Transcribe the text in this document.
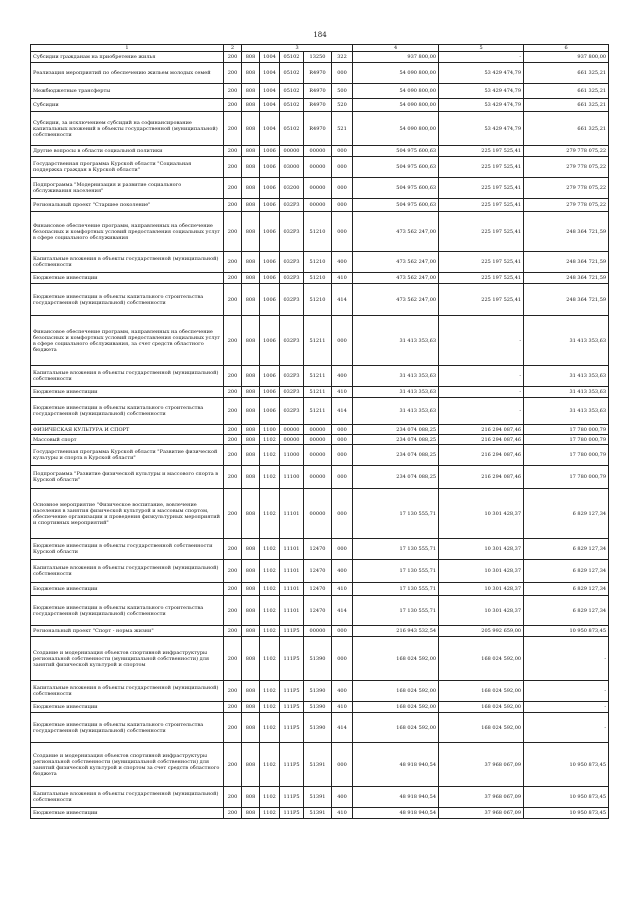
184
1	2	3					4	5	6
Субсидии гражданам на приобретение жилья	200	808	1004	05102	13250	322	937 800,00	-	937 800,00
Реализация мероприятий по обеспечению жильем молодых семей	200	808	1004	05102	R4970	000	54 090 800,00	53 429 474,79	661 325,21
Межбюджетные трансферты	200	808	1004	05102	R4970	500	54 090 800,00	53 429 474,79	661 325,21
Субсидии	200	808	1004	05102	R4970	520	54 090 800,00	53 429 474,79	661 325,21
Субсидии, за исключением субсидий на софинансирование капитальных вложений в объекты государственной (муниципальной) собственности	200	808	1004	05102	R4970	521	54 090 800,00	53 429 474,79	661 325,21
Другие вопросы в области социальной политики	200	808	1006	00000	00000	000	504 975 600,63	225 197 525,41	279 778 075,22
Государственная программа Курской области "Социальная поддержка граждан в Курской области"	200	808	1006	03000	00000	000	504 975 600,63	225 197 525,41	279 778 075,22
Подпрограмма "Модернизация и развитие социального обслуживания населения"	200	808	1006	03200	00000	000	504 975 600,63	225 197 525,41	279 778 075,22
Региональный проект "Старшее поколение"	200	808	1006	032P3	00000	000	504 975 600,63	225 197 525,41	279 778 075,22
Финансовое обеспечение программ, направленных на обеспечение безопасных и комфортных условий предоставления социальных услуг в сфере социального обслуживания	200	808	1006	032P3	51210	000	473 562 247,00	225 197 525,41	248 364 721,59
Капитальные вложения в объекты государственной (муниципальной) собственности	200	808	1006	032P3	51210	400	473 562 247,00	225 197 525,41	248 364 721,59
Бюджетные инвестиции	200	808	1006	032P3	51210	410	473 562 247,00	225 197 525,41	248 364 721,59
Бюджетные инвестиции в объекты капитального строительства государственной (муниципальной) собственности	200	808	1006	032P3	51210	414	473 562 247,00	225 197 525,41	248 364 721,59
Финансовое обеспечение программ, направленных на обеспечение безопасных и комфортных условий предоставления социальных услуг в сфере социального обслуживания, за счет средств областного бюджета	200	808	1006	032P3	51211	000	31 413 353,63	-	31 413 353,63
Капитальные вложения в объекты государственной (муниципальной) собственности	200	808	1006	032P3	51211	400	31 413 353,63	-	31 413 353,63
Бюджетные инвестиции	200	808	1006	032P3	51211	410	31 413 353,63	-	31 413 353,63
Бюджетные инвестиции в объекты капитального строительства государственной (муниципальной) собственности	200	808	1006	032P3	51211	414	31 413 353,63	-	31 413 353,63
ФИЗИЧЕСКАЯ КУЛЬТУРА И СПОРТ	200	808	1100	00000	00000	000	234 074 088,25	216 294 087,46	17 780 000,79
Массовый спорт	200	808	1102	00000	00000	000	234 074 088,25	216 294 087,46	17 780 000,79
Государственная программа Курской области "Развитие физической культуры и спорта в Курской области"	200	808	1102	11000	00000	000	234 074 088,25	216 294 087,46	17 780 000,79
Подпрограмма "Развитие физической культуры и массового спорта в Курской области"	200	808	1102	11100	00000	000	234 074 088,25	216 294 087,46	17 780 000,79
Основное мероприятие "Физическое воспитание, вовлечение населения в занятия физической культурой и массовым спортом, обеспечение организации и проведения физкультурных мероприятий и спортивных мероприятий"	200	808	1102	11101	00000	000	17 130 555,71	10 301 428,37	6 829 127,34
Бюджетные инвестиции в объекты государственной собственности Курской области	200	808	1102	11101	12470	000	17 130 555,71	10 301 428,37	6 829 127,34
Капитальные вложения в объекты государственной (муниципальной) собственности	200	808	1102	11101	12470	400	17 130 555,71	10 301 428,37	6 829 127,34
Бюджетные инвестиции	200	808	1102	11101	12470	410	17 130 555,71	10 301 428,37	6 829 127,34
Бюджетные инвестиции в объекты капитального строительства государственной (муниципальной) собственности	200	808	1102	11101	12470	414	17 130 555,71	10 301 428,37	6 829 127,34
Региональный проект "Спорт - норма жизни"	200	808	1102	111P5	00000	000	216 943 532,54	205 992 659,00	10 950 873,45
Создание и модернизация объектов спортивной инфраструктуры региональной собственности (муниципальной собственности) для занятий физической культурой и спортом	200	808	1102	111P5	51390	000	168 024 592,00	168 024 592,00	-
Капитальные вложения в объекты государственной (муниципальной) собственности	200	808	1102	111P5	51390	400	168 024 592,00	168 024 592,00	-
Бюджетные инвестиции	200	808	1102	111P5	51390	410	168 024 592,00	168 024 592,00	-
Бюджетные инвестиции в объекты капитального строительства государственной (муниципальной) собственности	200	808	1102	111P5	51390	414	168 024 592,00	168 024 592,00	-
Создание и модернизация объектов спортивной инфраструктуры региональной собственности (муниципальной собственности) для занятий физической культурой и спортом за счет средств областного бюджета	200	808	1102	111P5	51391	000	48 918 940,54	37 968 067,09	10 950 873,45
Капитальные вложения в объекты государственной (муниципальной) собственности	200	808	1102	111P5	51391	400	48 918 940,54	37 968 067,09	10 950 873,45
Бюджетные инвестиции	200	808	1102	111P5	51391	410	48 918 940,54	37 968 067,09	10 950 873,45
